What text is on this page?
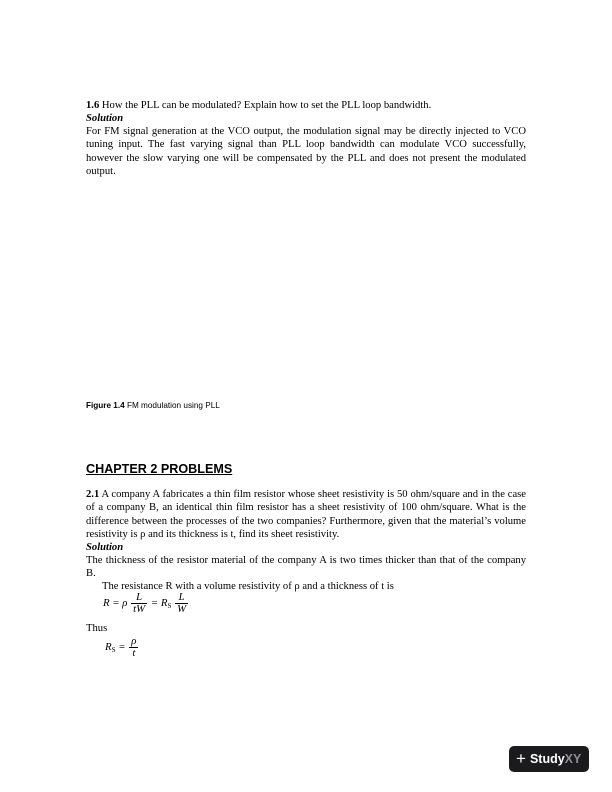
1.6 How the PLL can be modulated? Explain how to set the PLL loop bandwidth.
Solution
For FM signal generation at the VCO output, the modulation signal may be directly injected to VCO tuning input. The fast varying signal than PLL loop bandwidth can modulate VCO successfully, however the slow varying one will be compensated by the PLL and does not present the modulated output.
Figure 1.4 FM modulation using PLL
CHAPTER 2 PROBLEMS
2.1 A company A fabricates a thin film resistor whose sheet resistivity is 50 ohm/square and in the case of a company B, an identical thin film resistor has a sheet resistivity of 100 ohm/square. What is the difference between the processes of the two companies? Furthermore, given that the material’s volume resistivity is ρ and its thickness is t, find its sheet resistivity.
Solution
The thickness of the resistor material of the company A is two times thicker than that of the company B.
The resistance R with a volume resistivity of ρ and a thickness of t is
R = ρ $\frac{L}{tW} = R_S \frac{L}{W}$
Thus
$R_S = \frac{\rho}{t}$
+ Study XY
